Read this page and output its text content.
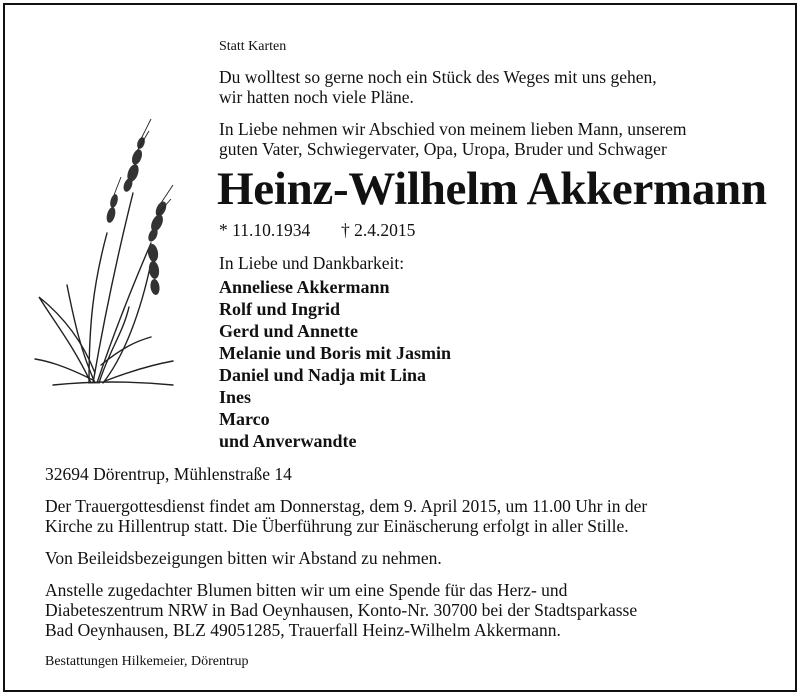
Statt Karten
Du wolltest so gerne noch ein Stück des Weges mit uns gehen,
wir hatten noch viele Pläne.
In Liebe nehmen wir Abschied von meinem lieben Mann, unserem
guten Vater, Schwiegervater, Opa, Uropa, Bruder und Schwager
Heinz-Wilhelm Akkermann
* 11.10.1934 † 2.4.2015
In Liebe und Dankbarkeit:
Anneliese Akkermann
Rolf und Ingrid
Gerd und Annette
Melanie und Boris mit Jasmin
Daniel und Nadja mit Lina
Ines
Marco
und Anverwandte
32694 Dörentrup, Mühlenstraße 14
Der Trauergottesdienst findet am Donnerstag, dem 9. April 2015, um 11.00 Uhr in der
Kirche zu Hillentrup statt. Die Überführung zur Einäscherung erfolgt in aller Stille.
Von Beileidsbezeigungen bitten wir Abstand zu nehmen.
Anstelle zugedachter Blumen bitten wir um eine Spende für das Herz- und
Diabeteszentrum NRW in Bad Oeynhausen, Konto-Nr. 30700 bei der Stadtsparkasse
Bad Oeynhausen, BLZ 49051285, Trauerfall Heinz-Wilhelm Akkermann.
Bestattungen Hilkemeier, Dörentrup
